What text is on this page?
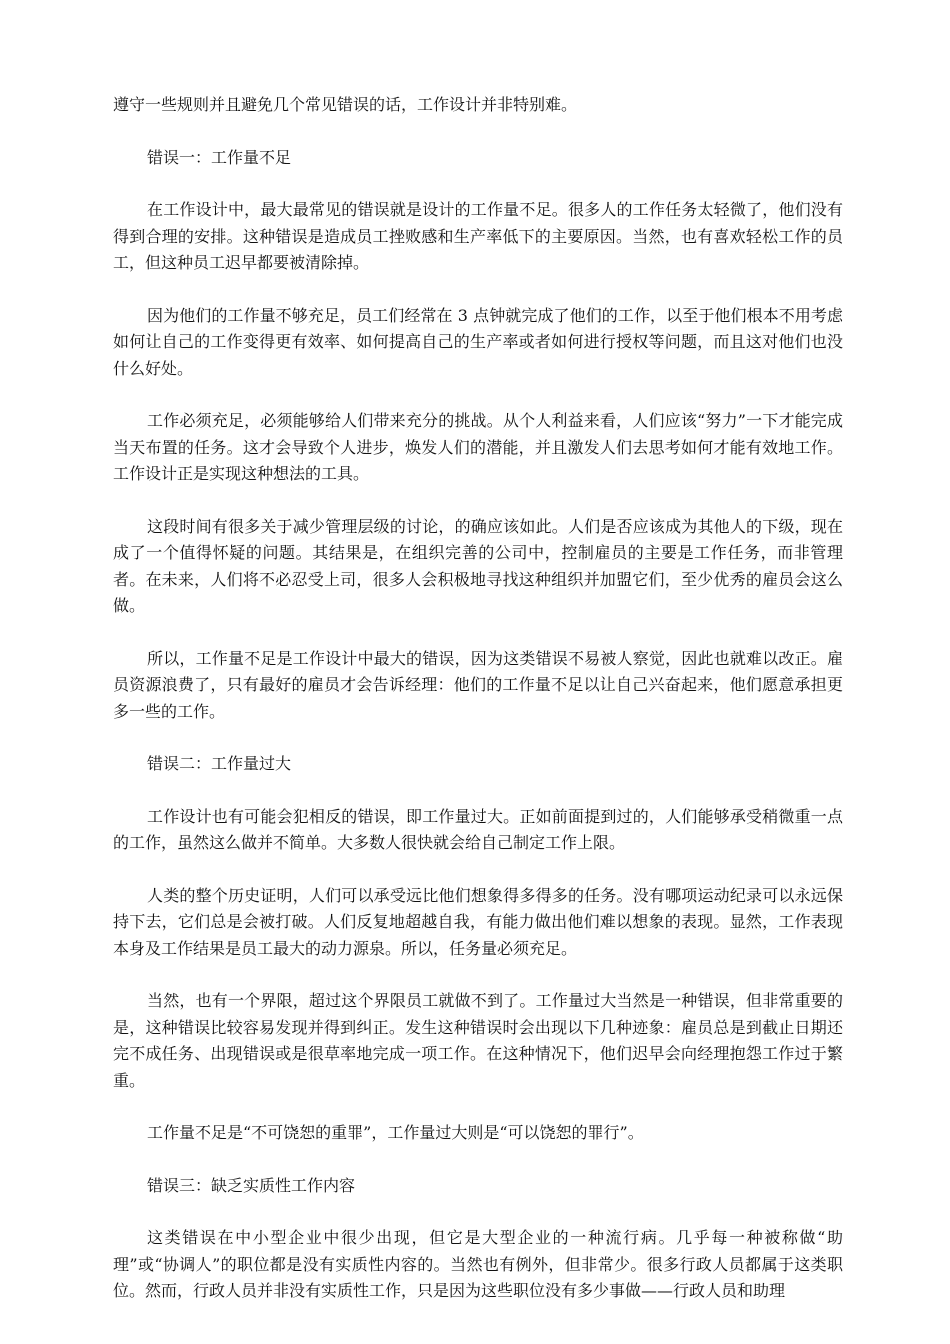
遵守一些规则并且避免几个常见错误的话，工作设计并非特别难。

错误一：工作量不足

在工作设计中，最大最常见的错误就是设计的工作量不足。很多人的工作任务太轻微了，他们没有得到合理的安排。这种错误是造成员工挫败感和生产率低下的主要原因。当然，也有喜欢轻松工作的员工，但这种员工迟早都要被清除掉。

因为他们的工作量不够充足，员工们经常在 3 点钟就完成了他们的工作，以至于他们根本不用考虑如何让自己的工作变得更有效率、如何提高自己的生产率或者如何进行授权等问题，而且这对他们也没什么好处。

工作必须充足，必须能够给人们带来充分的挑战。从个人利益来看，人们应该“努力”一下才能完成当天布置的任务。这才会导致个人进步，焕发人们的潜能，并且激发人们去思考如何才能有效地工作。工作设计正是实现这种想法的工具。

这段时间有很多关于减少管理层级的讨论，的确应该如此。人们是否应该成为其他人的下级，现在成了一个值得怀疑的问题。其结果是，在组织完善的公司中，控制雇员的主要是工作任务，而非管理者。在未来，人们将不必忍受上司，很多人会积极地寻找这种组织并加盟它们，至少优秀的雇员会这么做。

所以，工作量不足是工作设计中最大的错误，因为这类错误不易被人察觉，因此也就难以改正。雇员资源浪费了，只有最好的雇员才会告诉经理：他们的工作量不足以让自己兴奋起来，他们愿意承担更多一些的工作。

错误二：工作量过大

工作设计也有可能会犯相反的错误，即工作量过大。正如前面提到过的，人们能够承受稍微重一点的工作，虽然这么做并不简单。大多数人很快就会给自己制定工作上限。

人类的整个历史证明，人们可以承受远比他们想象得多得多的任务。没有哪项运动纪录可以永远保持下去，它们总是会被打破。人们反复地超越自我，有能力做出他们难以想象的表现。显然，工作表现本身及工作结果是员工最大的动力源泉。所以，任务量必须充足。

当然，也有一个界限，超过这个界限员工就做不到了。工作量过大当然是一种错误，但非常重要的是，这种错误比较容易发现并得到纠正。发生这种错误时会出现以下几种迹象：雇员总是到截止日期还完不成任务、出现错误或是很草率地完成一项工作。在这种情况下，他们迟早会向经理抱怨工作过于繁重。

工作量不足是“不可饶恕的重罪”，工作量过大则是“可以饶恕的罪行”。

错误三：缺乏实质性工作内容

这类错误在中小型企业中很少出现，但它是大型企业的一种流行病。几乎每一种被称做“助理”或“协调人”的职位都是没有实质性内容的。当然也有例外，但非常少。很多行政人员都属于这类职位。然而，行政人员并非没有实质性工作，只是因为这些职位没有多少事做——行政人员和助理
